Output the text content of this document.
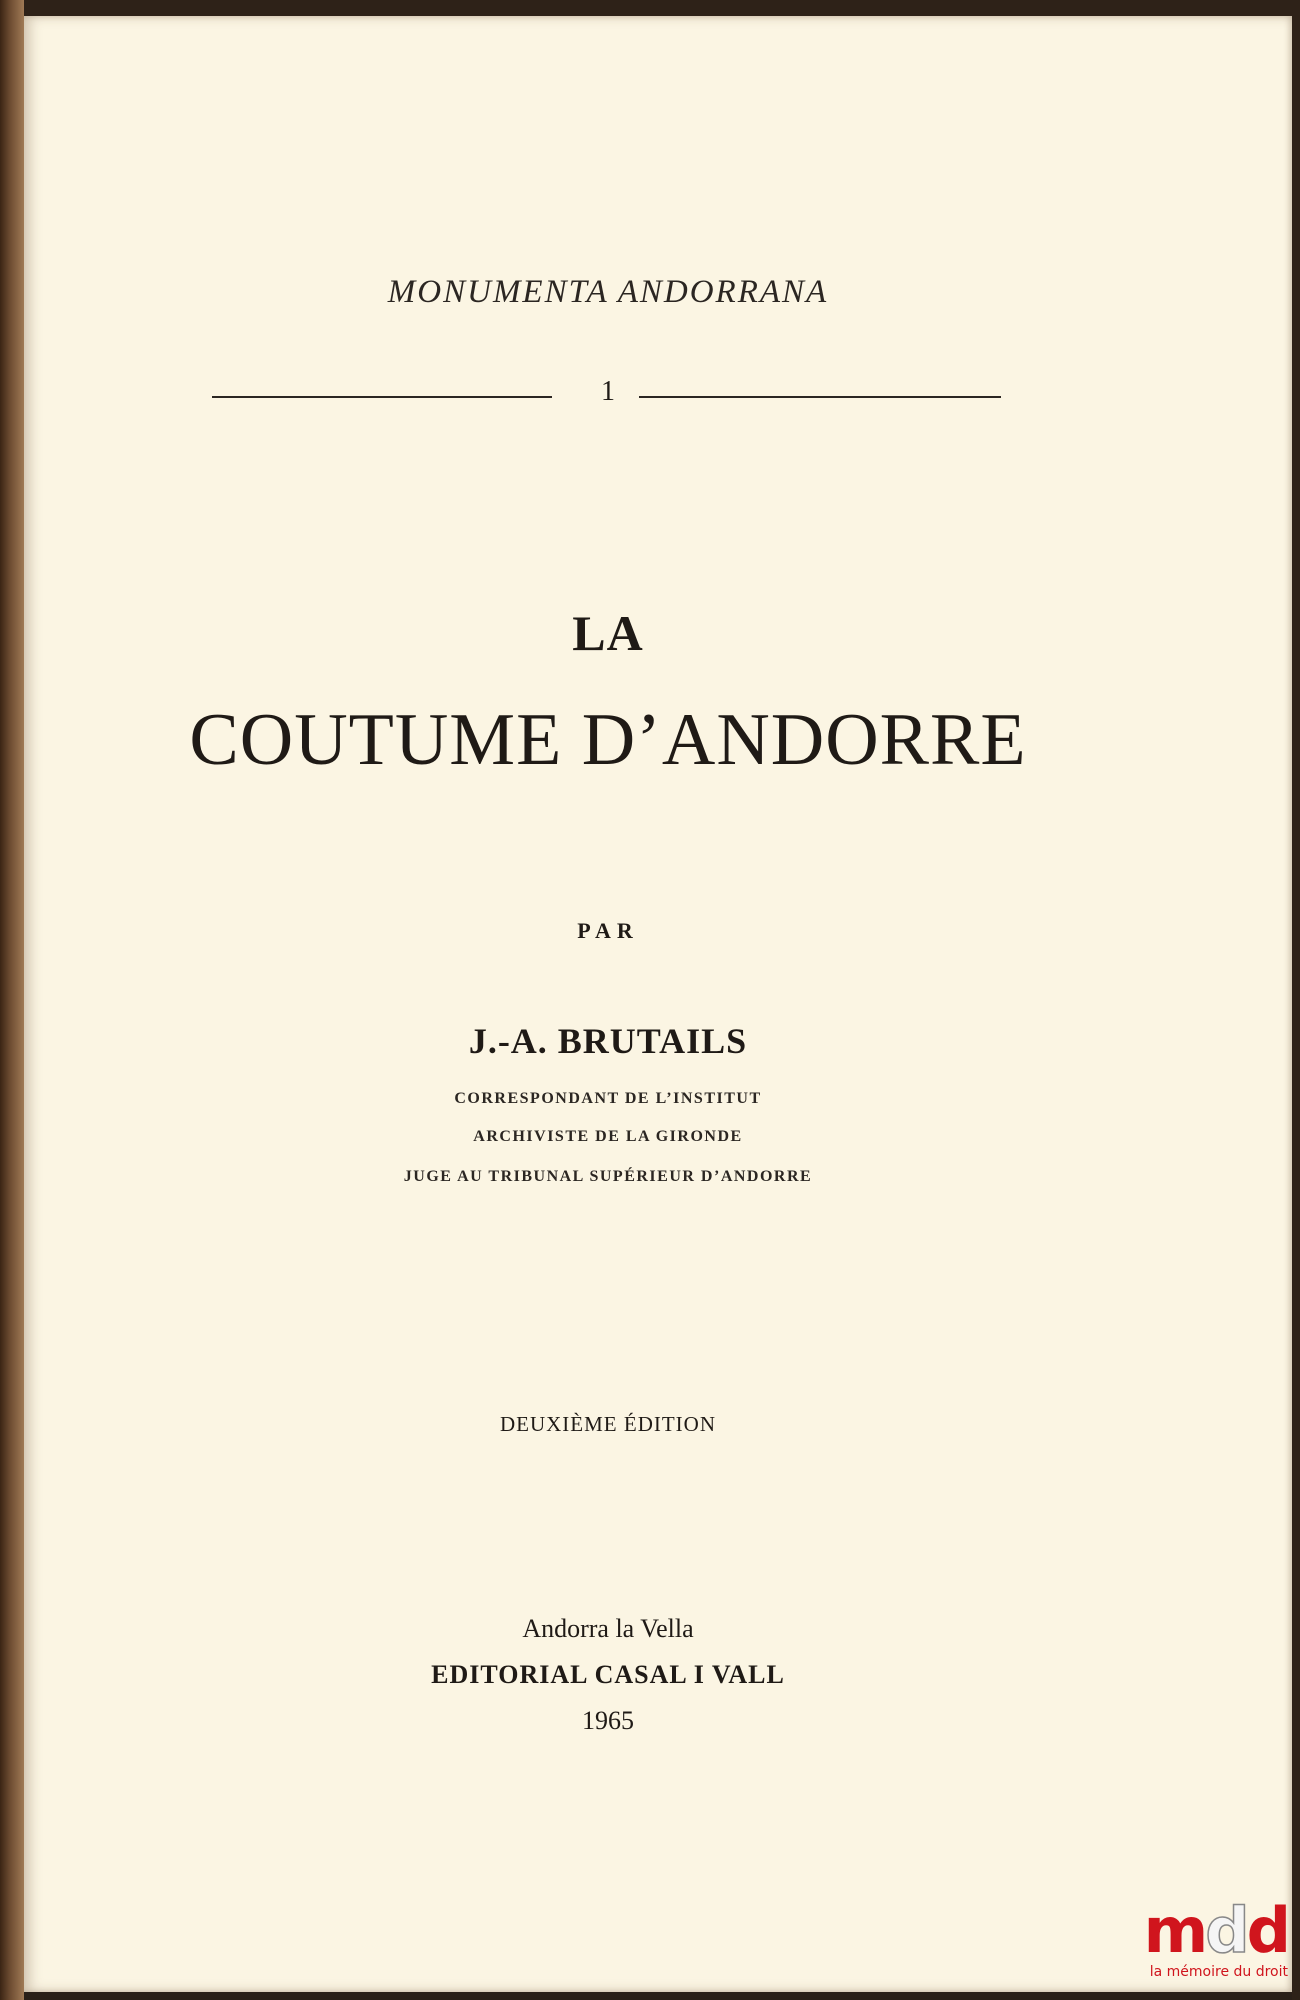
MONUMENTA ANDORRANA
1
LA
COUTUME D’ANDORRE
PAR
J.-A. BRUTAILS
CORRESPONDANT DE L’INSTITUT
ARCHIVISTE DE LA GIRONDE
JUGE AU TRIBUNAL SUPÉRIEUR D’ANDORRE
DEUXIÈME ÉDITION
Andorra la Vella
EDITORIAL CASAL I VALL
1965
mdd
la mémoire du droit
